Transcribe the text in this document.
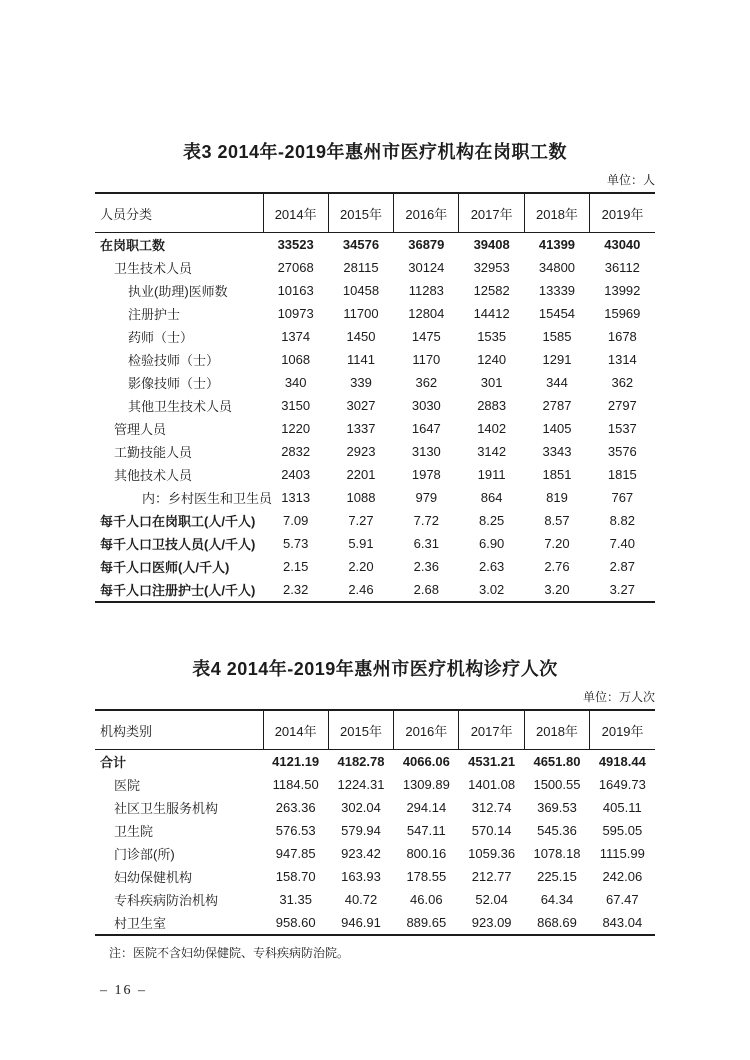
表3 2014年-2019年惠州市医疗机构在岗职工数
单位：人
人员分类	2014年	2015年	2016年	2017年	2018年	2019年
在岗职工数	33523	34576	36879	39408	41399	43040
卫生技术人员	27068	28115	30124	32953	34800	36112
执业(助理)医师数	10163	10458	11283	12582	13339	13992
注册护士	10973	11700	12804	14412	15454	15969
药师（士）	1374	1450	1475	1535	1585	1678
检验技师（士）	1068	1141	1170	1240	1291	1314
影像技师（士）	340	339	362	301	344	362
其他卫生技术人员	3150	3027	3030	2883	2787	2797
管理人员	1220	1337	1647	1402	1405	1537
工勤技能人员	2832	2923	3130	3142	3343	3576
其他技术人员	2403	2201	1978	1911	1851	1815
内：乡村医生和卫生员	1313	1088	979	864	819	767
每千人口在岗职工(人/千人)	7.09	7.27	7.72	8.25	8.57	8.82
每千人口卫技人员(人/千人)	5.73	5.91	6.31	6.90	7.20	7.40
每千人口医师(人/千人)	2.15	2.20	2.36	2.63	2.76	2.87
每千人口注册护士(人/千人)	2.32	2.46	2.68	3.02	3.20	3.27
表4 2014年-2019年惠州市医疗机构诊疗人次
单位：万人次
机构类别	2014年	2015年	2016年	2017年	2018年	2019年
合计	4121.19	4182.78	4066.06	4531.21	4651.80	4918.44
医院	1184.50	1224.31	1309.89	1401.08	1500.55	1649.73
社区卫生服务机构	263.36	302.04	294.14	312.74	369.53	405.11
卫生院	576.53	579.94	547.11	570.14	545.36	595.05
门诊部(所)	947.85	923.42	800.16	1059.36	1078.18	1115.99
妇幼保健机构	158.70	163.93	178.55	212.77	225.15	242.06
专科疾病防治机构	31.35	40.72	46.06	52.04	64.34	67.47
村卫生室	958.60	946.91	889.65	923.09	868.69	843.04
注：医院不含妇幼保健院、专科疾病防治院。
– 16 –
